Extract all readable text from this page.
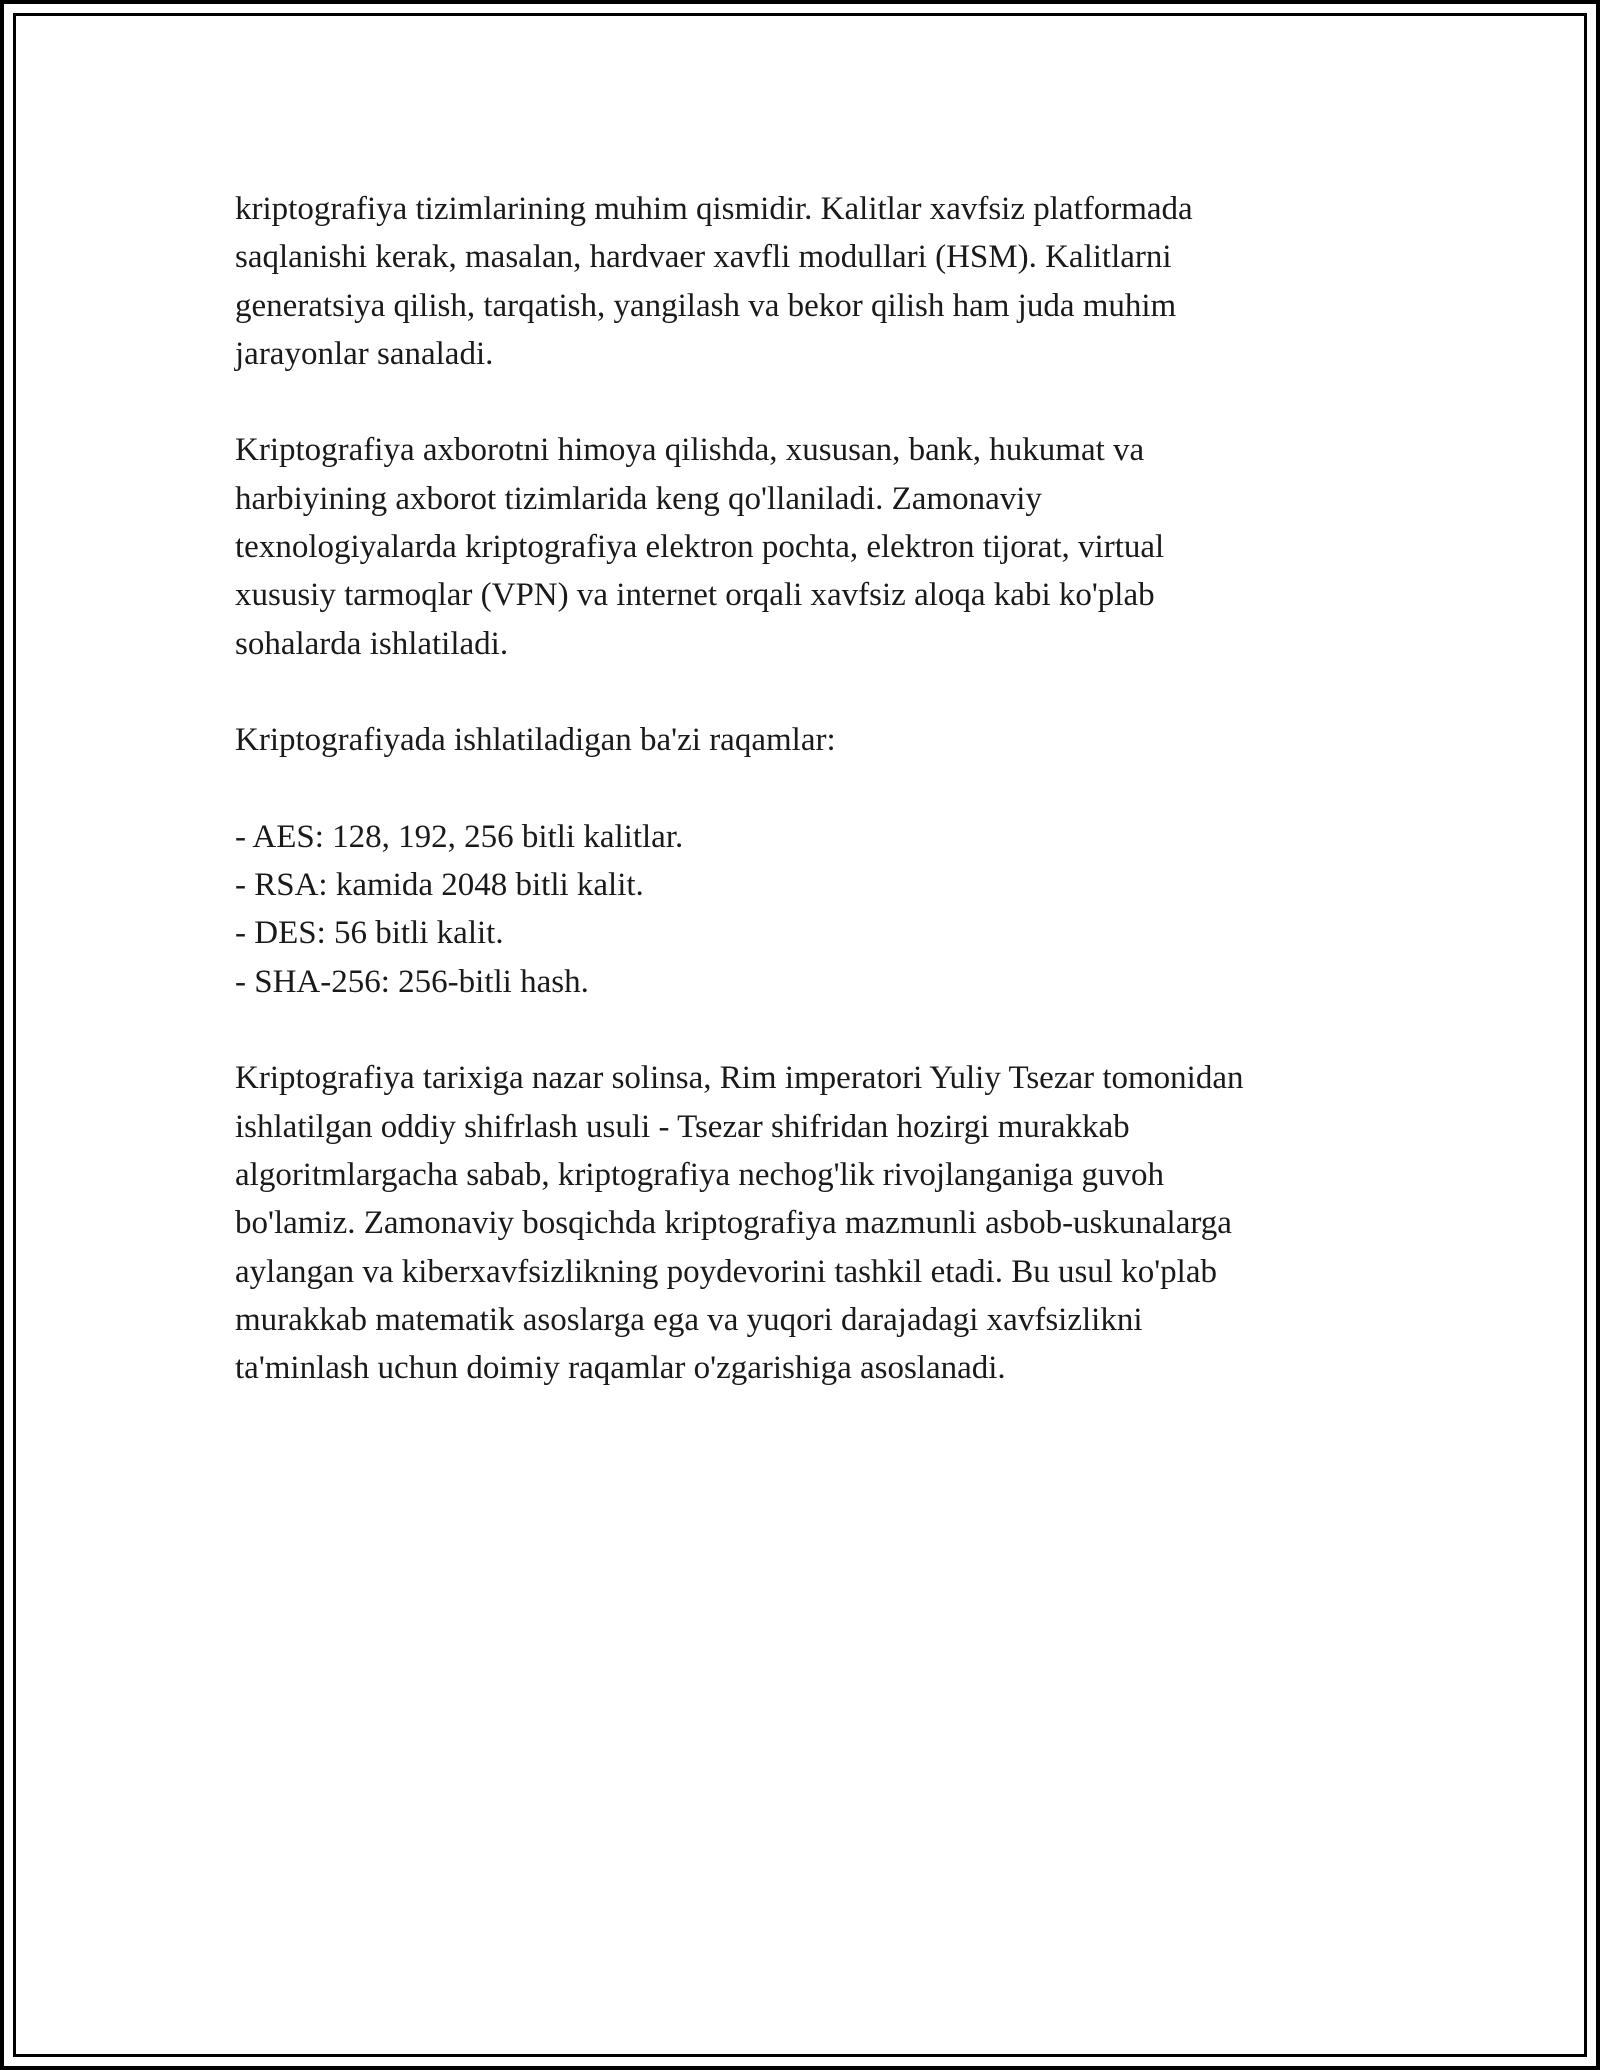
kriptografiya tizimlarining muhim qismidir. Kalitlar xavfsiz platformada
saqlanishi kerak, masalan, hardvaer xavfli modullari (HSM). Kalitlarni
generatsiya qilish, tarqatish, yangilash va bekor qilish ham juda muhim
jarayonlar sanaladi.

Kriptografiya axborotni himoya qilishda, xususan, bank, hukumat va
harbiyining axborot tizimlarida keng qo'llaniladi. Zamonaviy
texnologiyalarda kriptografiya elektron pochta, elektron tijorat, virtual
xususiy tarmoqlar (VPN) va internet orqali xavfsiz aloqa kabi ko'plab
sohalarda ishlatiladi.

Kriptografiyada ishlatiladigan ba'zi raqamlar:

- AES: 128, 192, 256 bitli kalitlar.
- RSA: kamida 2048 bitli kalit.
- DES: 56 bitli kalit.
- SHA-256: 256-bitli hash.

Kriptografiya tarixiga nazar solinsa, Rim imperatori Yuliy Tsezar tomonidan
ishlatilgan oddiy shifrlash usuli - Tsezar shifridan hozirgi murakkab
algoritmlargacha sabab, kriptografiya nechog'lik rivojlanganiga guvoh
bo'lamiz. Zamonaviy bosqichda kriptografiya mazmunli asbob-uskunalarga
aylangan va kiberxavfsizlikning poydevorini tashkil etadi. Bu usul ko'plab
murakkab matematik asoslarga ega va yuqori darajadagi xavfsizlikni
ta'minlash uchun doimiy raqamlar o'zgarishiga asoslanadi.
